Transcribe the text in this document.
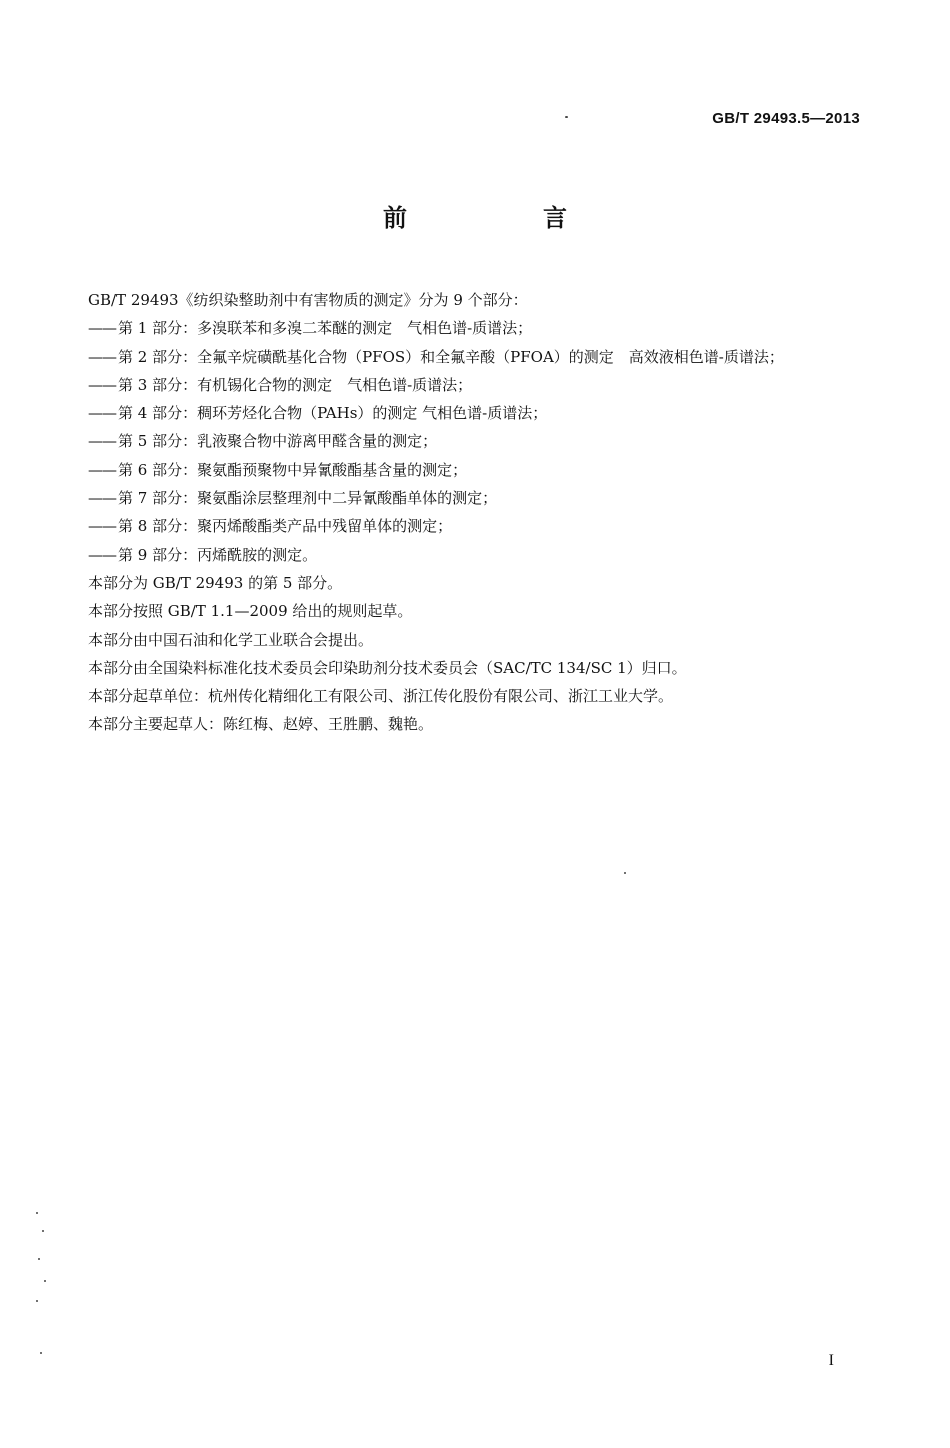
GB/T 29493.5—2013
前　言
GB/T 29493《纺织染整助剂中有害物质的测定》分为 9 个部分：
—— 第 1 部分：多溴联苯和多溴二苯醚的测定　气相色谱-质谱法；
—— 第 2 部分：全氟辛烷磺酰基化合物（PFOS）和全氟辛酸（PFOA）的测定　高效液相色谱-质谱法；
—— 第 3 部分：有机锡化合物的测定　气相色谱-质谱法；
—— 第 4 部分：稠环芳烃化合物（PAHs）的测定 气相色谱-质谱法；
—— 第 5 部分：乳液聚合物中游离甲醛含量的测定；
—— 第 6 部分：聚氨酯预聚物中异氰酸酯基含量的测定；
—— 第 7 部分：聚氨酯涂层整理剂中二异氰酸酯单体的测定；
—— 第 8 部分：聚丙烯酸酯类产品中残留单体的测定；
—— 第 9 部分：丙烯酰胺的测定。
本部分为 GB/T 29493 的第 5 部分。
本部分按照 GB/T 1.1—2009 给出的规则起草。
本部分由中国石油和化学工业联合会提出。
本部分由全国染料标准化技术委员会印染助剂分技术委员会（SAC/TC 134/SC 1）归口。
本部分起草单位：杭州传化精细化工有限公司、浙江传化股份有限公司、浙江工业大学。
本部分主要起草人：陈红梅、赵婷、王胜鹏、魏艳。
I
